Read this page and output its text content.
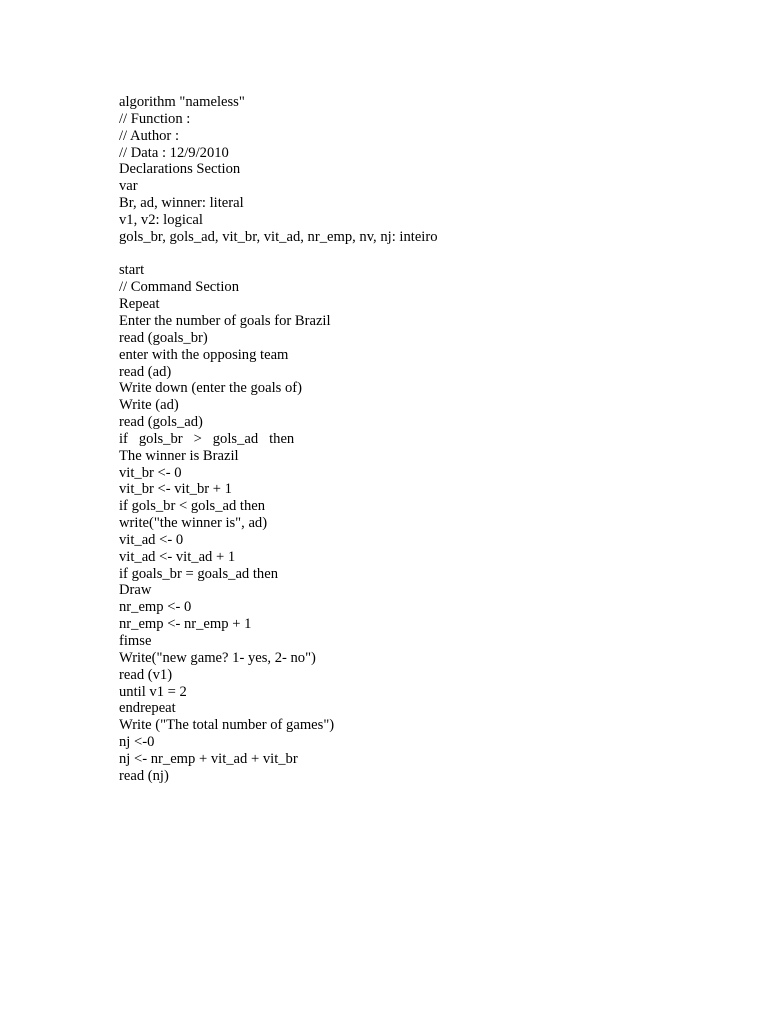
algorithm "nameless"
// Function :
// Author :
// Data : 12/9/2010
Declarations Section
var
Br, ad, winner: literal
v1, v2: logical
gols_br, gols_ad, vit_br, vit_ad, nr_emp, nv, nj: inteiro
start
// Command Section
Repeat
Enter the number of goals for Brazil
read (goals_br)
enter with the opposing team
read (ad)
Write down (enter the goals of)
Write (ad)
read (gols_ad)
if   gols_br   >   gols_ad   then
The winner is Brazil
vit_br <- 0
vit_br <- vit_br + 1
if gols_br < gols_ad then
write("the winner is", ad)
vit_ad <- 0
vit_ad <- vit_ad + 1
if goals_br = goals_ad then
Draw
nr_emp <- 0
nr_emp <- nr_emp + 1
fimse
Write("new game? 1- yes, 2- no")
read (v1)
until v1 = 2
endrepeat
Write ("The total number of games")
nj <-0
nj <- nr_emp + vit_ad + vit_br
read (nj)
